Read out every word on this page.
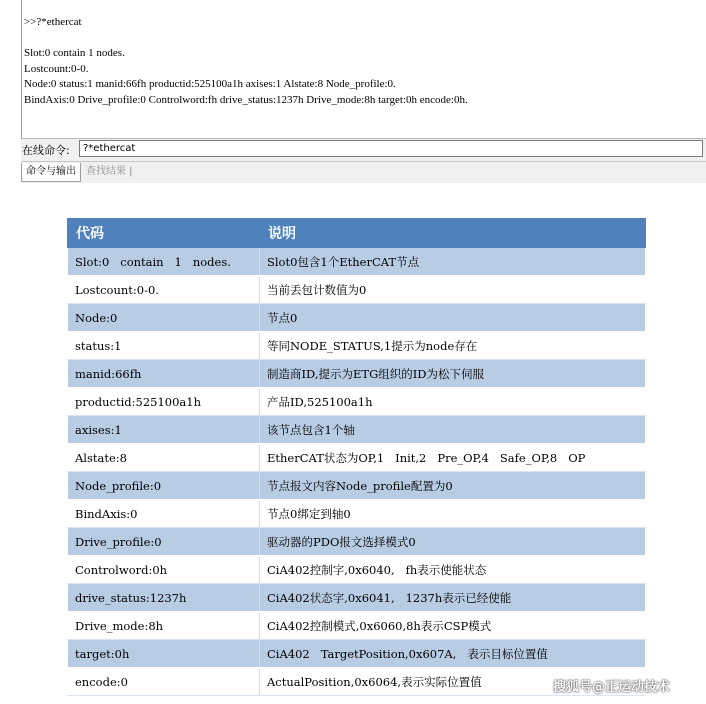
>>?*ethercat
Slot:0 contain 1 nodes.
Lostcount:0-0.
Node:0 status:1 manid:66fh productid:525100a1h axises:1 Alstate:8 Node_profile:0.
BindAxis:0 Drive_profile:0 Controlword:fh drive_status:1237h Drive_mode:8h target:0h encode:0h.
在线命令:
?*ethercat
命令与输出	查找结果 |
代码	说明
Slot:0   contain   1   nodes.	Slot0包含1个EtherCAT节点
Lostcount:0-0.	当前丢包计数值为0
Node:0	节点0
status:1	等同NODE_STATUS,1提示为node存在
manid:66fh	制造商ID,提示为ETG组织的ID为松下伺服
productid:525100a1h	产品ID,525100a1h
axises:1	该节点包含1个轴
Alstate:8	EtherCAT状态为OP,1   Init,2   Pre_OP,4   Safe_OP,8   OP
Node_profile:0	节点报文内容Node_profile配置为0
BindAxis:0	节点0绑定到轴0
Drive_profile:0	驱动器的PDO报文选择模式0
Controlword:0h	CiA402控制字,0x6040,   fh表示使能状态
drive_status:1237h	CiA402状态字,0x6041,   1237h表示已经使能
Drive_mode:8h	CiA402控制模式,0x6060,8h表示CSP模式
target:0h	CiA402   TargetPosition,0x607A,   表示目标位置值
encode:0	ActualPosition,0x6064,表示实际位置值	搜狐号@正运动技术
